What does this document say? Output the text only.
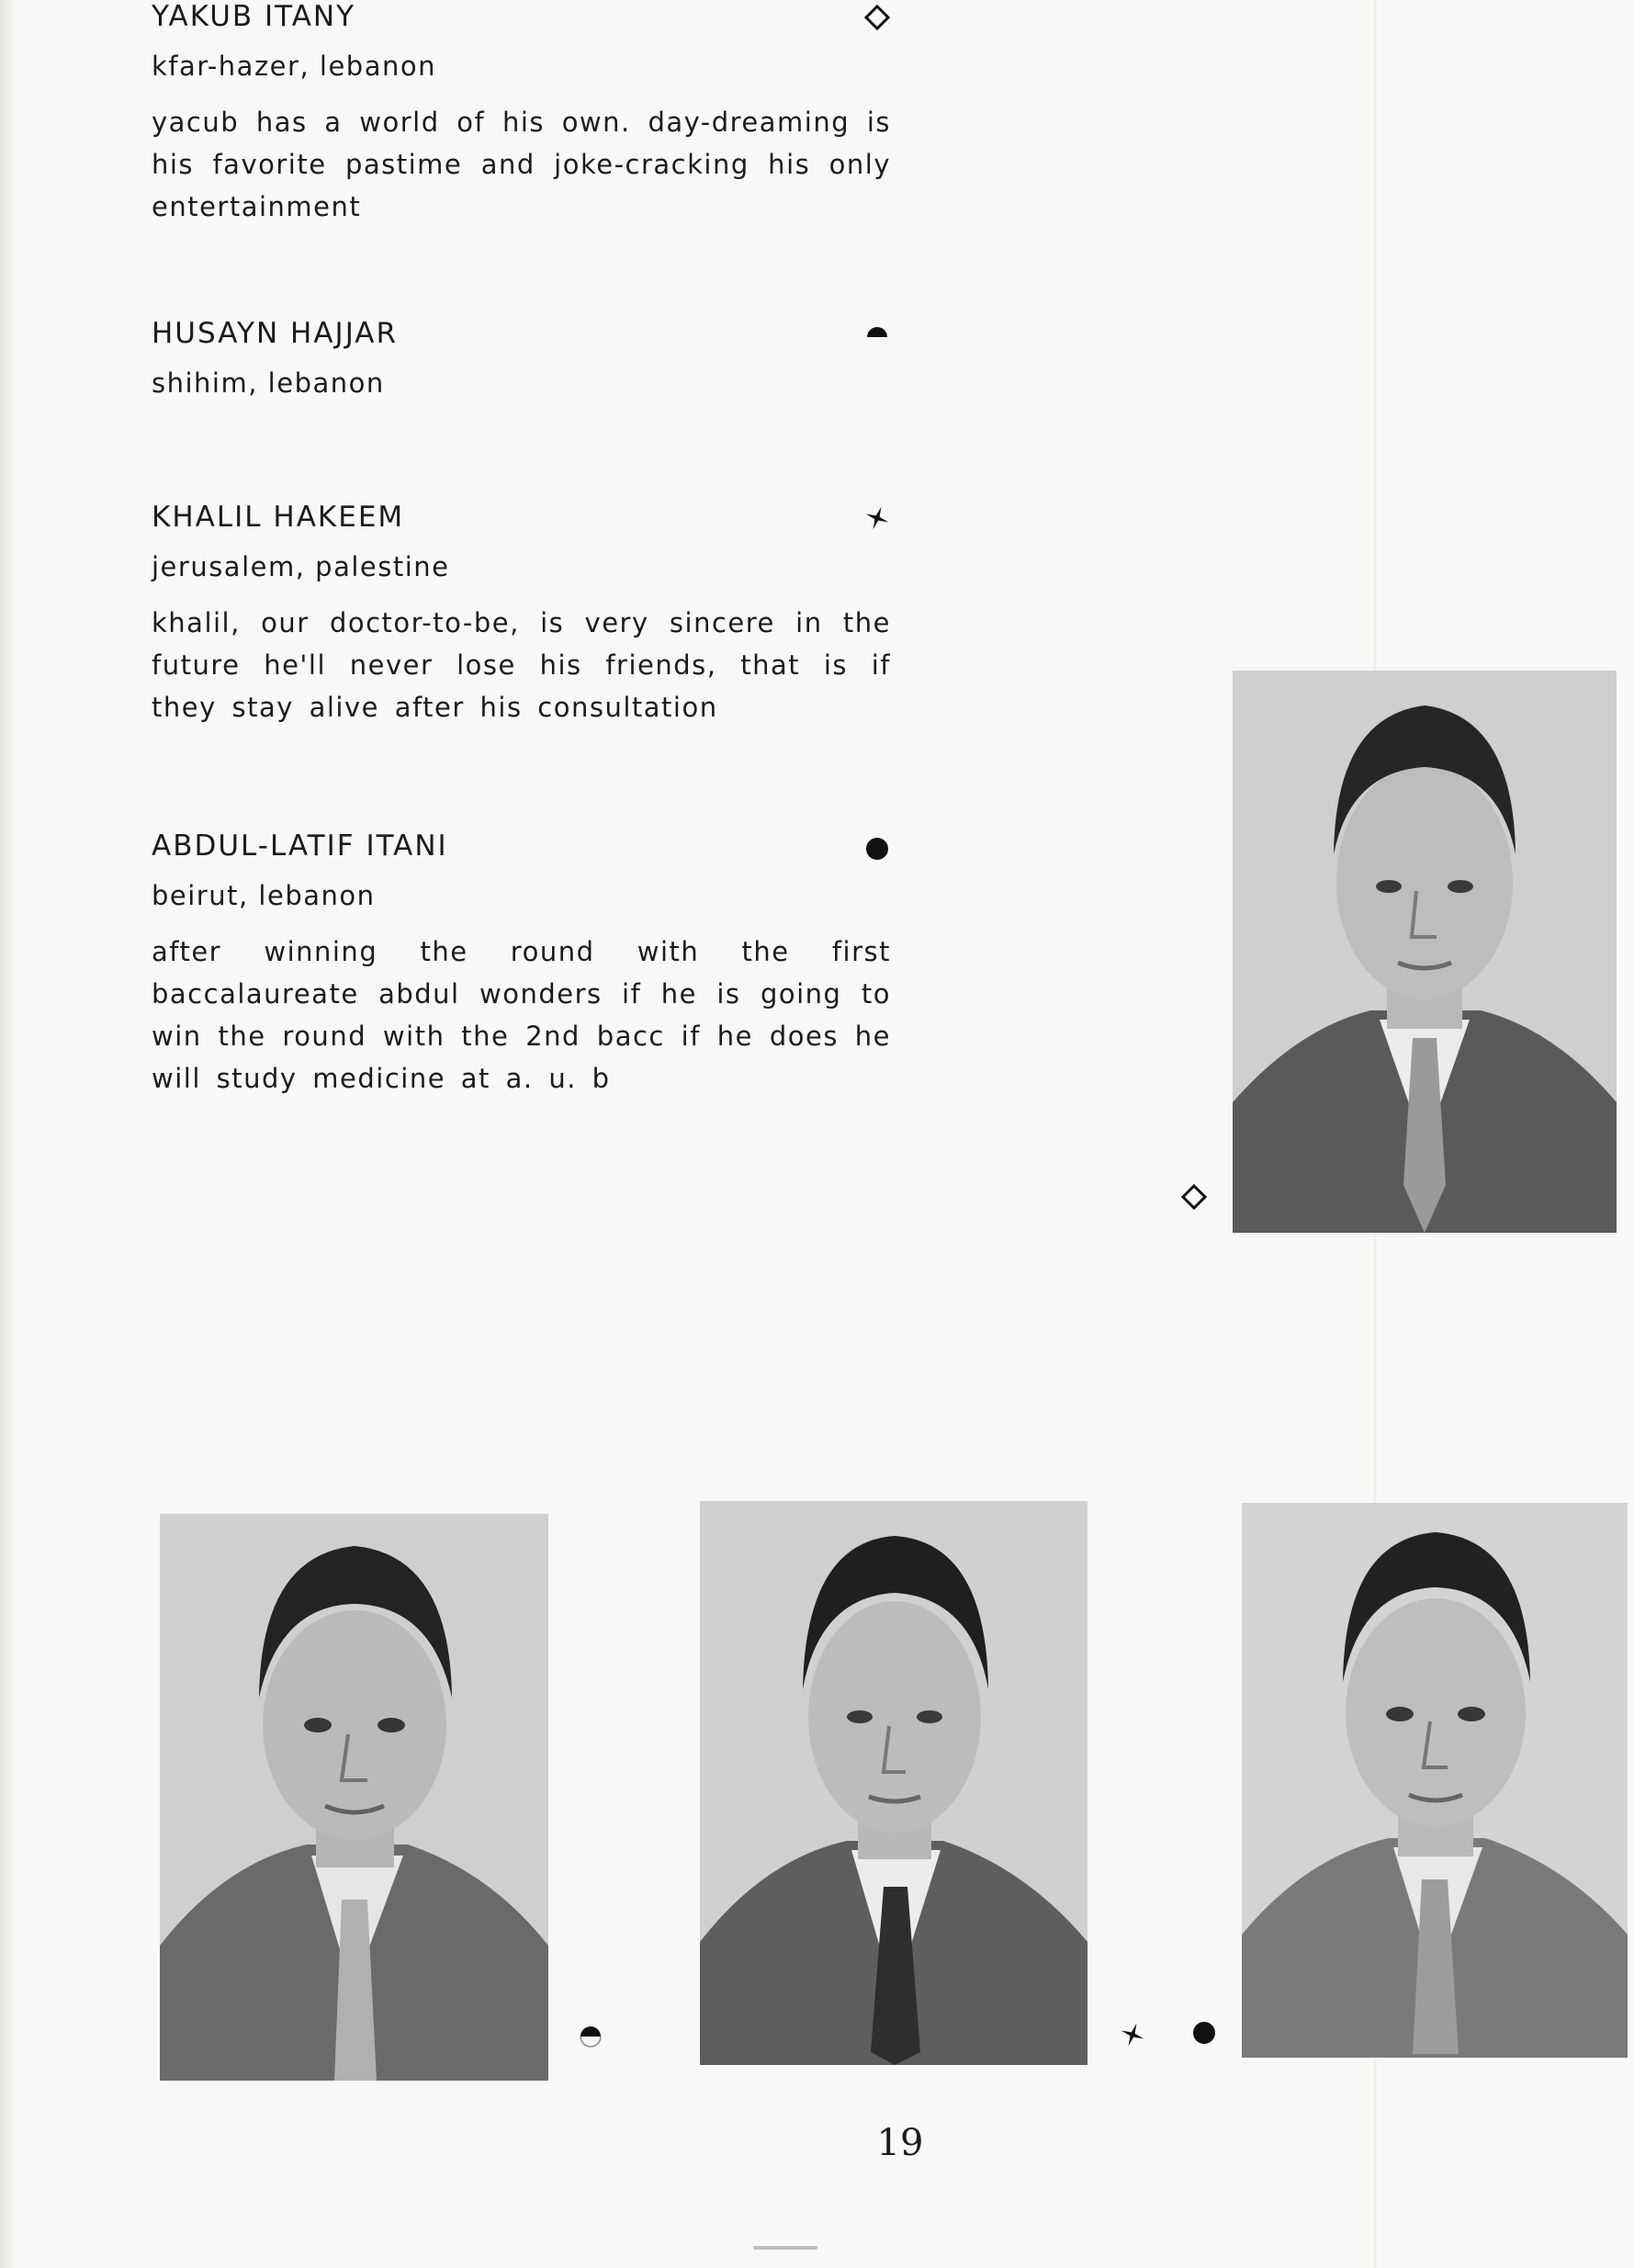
YAKUB ITANY
kfar-hazer, lebanon
yacub has a world of his own. day-dreaming is his favorite pastime and joke-cracking his only entertainment
HUSAYN HAJJAR
shihim, lebanon
KHALIL HAKEEM
jerusalem, palestine
khalil, our doctor-to-be, is very sincere in the future he'll never lose his friends, that is if they stay alive after his consultation
ABDUL-LATIF ITANI
beirut, lebanon
after winning the round with the first baccalaureate abdul wonders if he is going to win the round with the 2nd bacc if he does he will study medicine at a. u. b
19
